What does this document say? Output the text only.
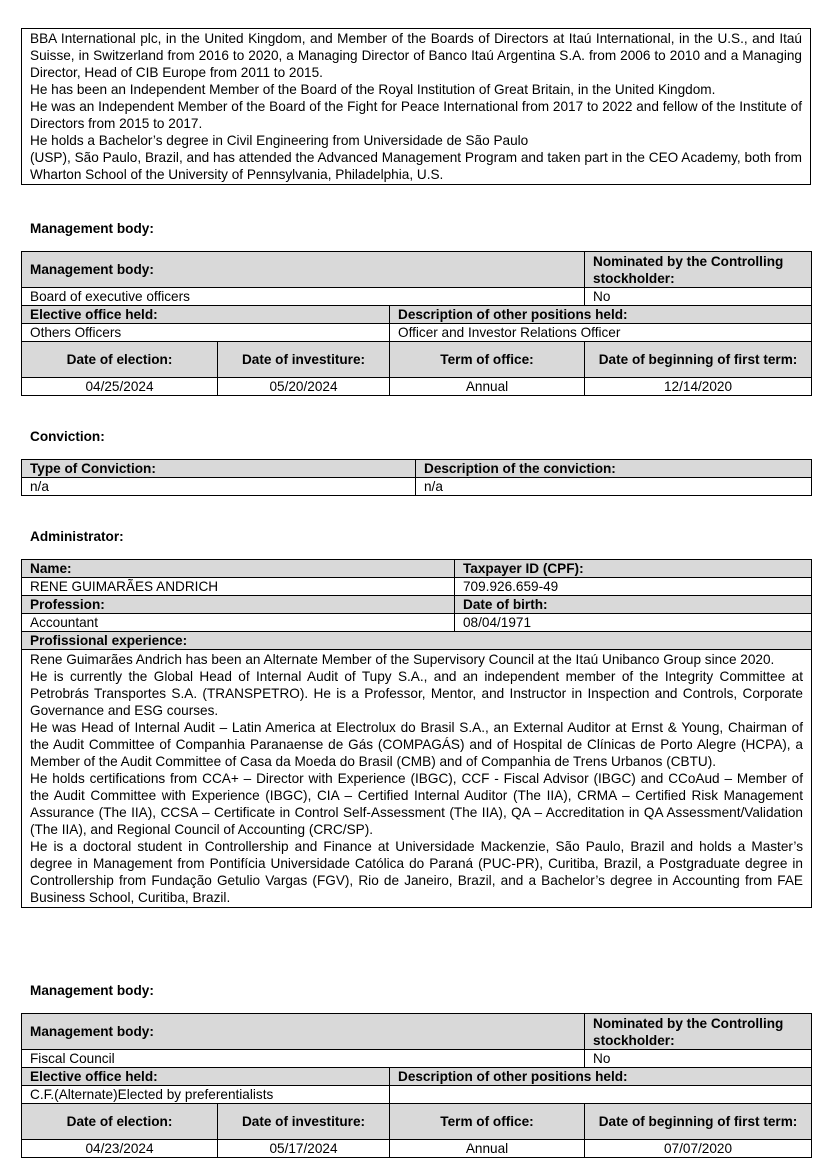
BBA International plc, in the United Kingdom, and Member of the Boards of Directors at Itaú International, in the U.S., and Itaú Suisse, in Switzerland from 2016 to 2020, a Managing Director of Banco Itaú Argentina S.A. from 2006 to 2010 and a Managing Director, Head of CIB Europe from 2011 to 2015.
He has been an Independent Member of the Board of the Royal Institution of Great Britain, in the United Kingdom.
He was an Independent Member of the Board of the Fight for Peace International from 2017 to 2022 and fellow of the Institute of Directors from 2015 to 2017.
He holds a Bachelor’s degree in Civil Engineering from Universidade de São Paulo
(USP), São Paulo, Brazil, and has attended the Advanced Management Program and taken part in the CEO Academy, both from Wharton School of the University of Pennsylvania, Philadelphia, U.S.
Management body:
Management body:			Nominated by the Controlling stockholder:
Board of executive officers			No
Elective office held:		Description of other positions held:	
Others Officers		Officer and Investor Relations Officer	
Date of election:	Date of investiture:	Term of office:	Date of beginning of first term:
04/25/2024	05/20/2024	Annual	12/14/2020
Conviction:
Type of Conviction:	Description of the conviction:
n/a	n/a
Administrator:
Name:	Taxpayer ID (CPF):
RENE GUIMARÃES ANDRICH	709.926.659-49
Profession:	Date of birth:
Accountant	08/04/1971
Profissional experience:	

Rene Guimarães Andrich has been an Alternate Member of the Supervisory Council at the Itaú Unibanco Group since 2020.
He is currently the Global Head of Internal Audit of Tupy S.A., and an independent member of the Integrity Committee at Petrobrás Transportes S.A. (TRANSPETRO). He is a Professor, Mentor, and Instructor in Inspection and Controls, Corporate Governance and ESG courses.
He was Head of Internal Audit – Latin America at Electrolux do Brasil S.A., an External Auditor at Ernst & Young, Chairman of the Audit Committee of Companhia Paranaense de Gás (COMPAGÁS) and of Hospital de Clínicas de Porto Alegre (HCPA), a Member of the Audit Committee of Casa da Moeda do Brasil (CMB) and of Companhia de Trens Urbanos (CBTU).
He holds certifications from CCA+ – Director with Experience (IBGC), CCF - Fiscal Advisor (IBGC) and CCoAud – Member of the Audit Committee with Experience (IBGC), CIA – Certified Internal Auditor (The IIA), CRMA – Certified Risk Management Assurance (The IIA), CCSA – Certificate in Control Self-Assessment (The IIA), QA – Accreditation in QA Assessment/Validation (The IIA), and Regional Council of Accounting (CRC/SP).
He is a doctoral student in Controllership and Finance at Universidade Mackenzie, São Paulo, Brazil and holds a Master’s degree in Management from Pontifícia Universidade Católica do Paraná (PUC-PR), Curitiba, Brazil, a Postgraduate degree in Controllership from Fundação Getulio Vargas (FGV), Rio de Janeiro, Brazil, and a Bachelor’s degree in Accounting from FAE Business School, Curitiba, Brazil.	
Management body:
Management body:			Nominated by the Controlling stockholder:
Fiscal Council			No
Elective office held:		Description of other positions held:	
C.F.(Alternate)Elected by preferentialists			
Date of election:	Date of investiture:	Term of office:	Date of beginning of first term:
04/23/2024	05/17/2024	Annual	07/07/2020
